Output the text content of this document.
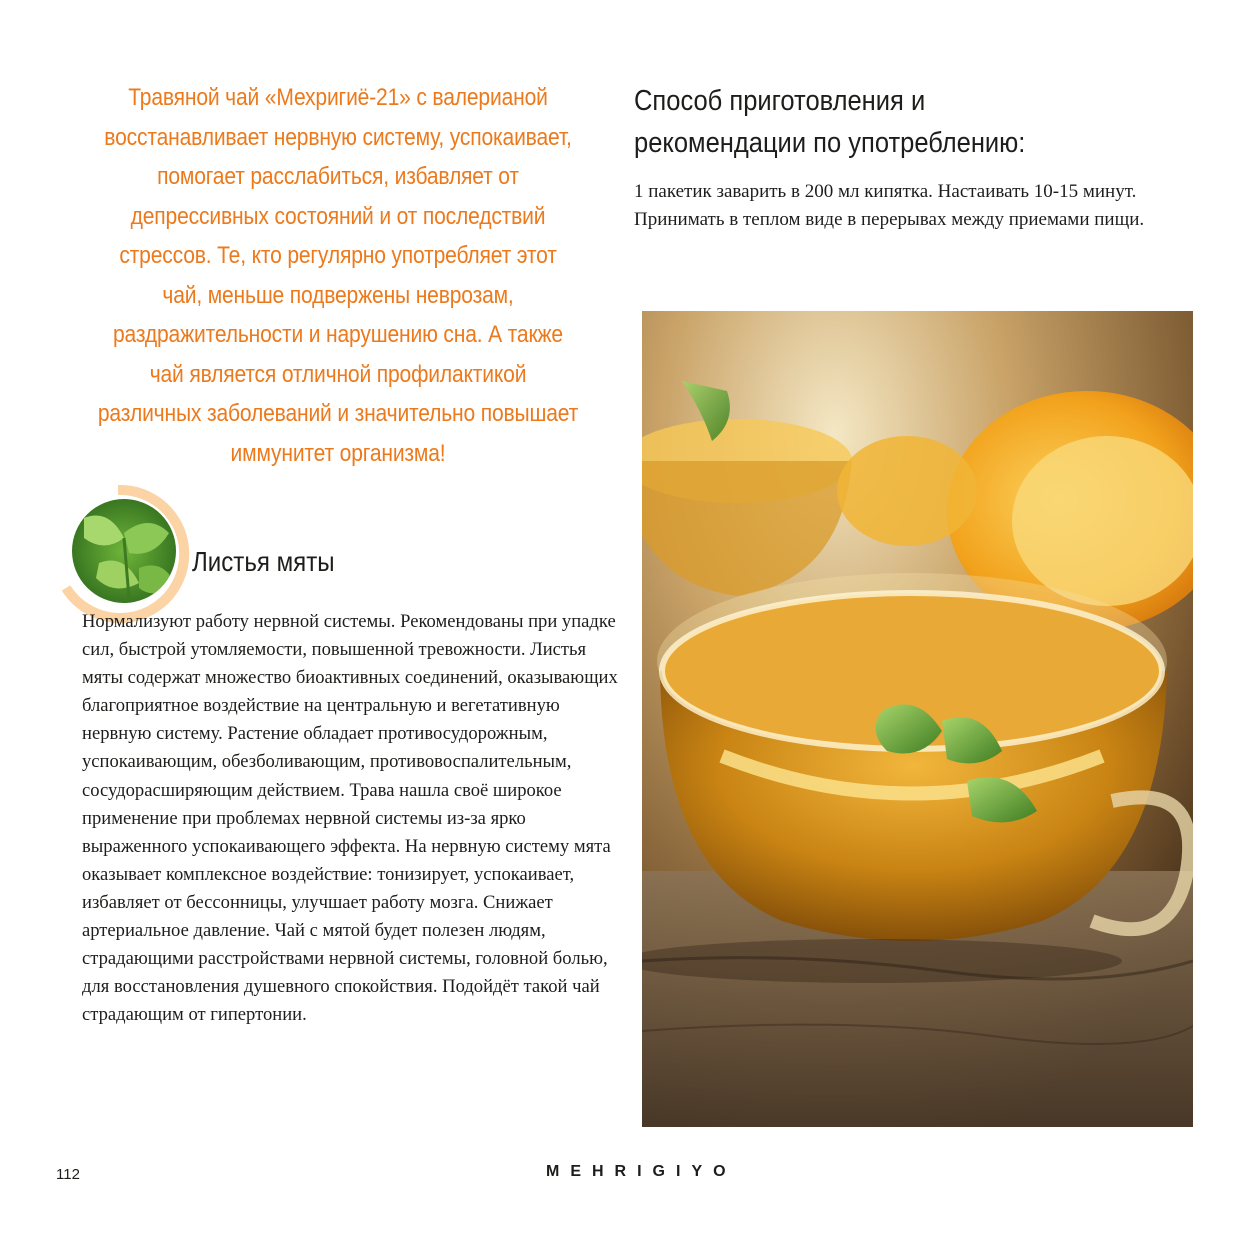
Травяной чай «Мехригиё-21» с валерианой восстанавливает нервную систему, успокаивает, помогает расслабиться, избавляет от депрессивных состояний и от последствий стрессов. Те, кто регулярно употребляет этот чай, меньше подвержены неврозам, раздражительности и нарушению сна. А также чай является отличной профилактикой различных заболеваний и значительно повышает иммунитет организма!
Способ приготовления и рекомендации по употреблению:
1 пакетик заварить в 200 мл кипятка. Настаивать 10-15 минут. Принимать в теплом виде в перерывах между приемами пищи.
Листья мяты
Нормализуют работу нервной системы. Рекомендованы при упадке сил, быстрой утомляемости, повышенной тревожности. Листья мяты содержат множество биоактивных соединений, оказывающих благоприятное воздействие на центральную и вегетативную нервную систему. Растение обладает противосудорожным, успокаивающим, обезболивающим, противовоспалительным, сосудорасширяющим действием. Трава нашла своё широкое применение при проблемах нервной системы из-за ярко выраженного успокаивающего эффекта. На нервную систему мята оказывает комплексное воздействие: тонизирует, успокаивает, избавляет от бессонницы, улучшает работу мозга. Снижает артериальное давление. Чай с мятой будет полезен людям, страдающими расстройствами нервной системы, головной болью, для восстановления душевного спокойствия. Подойдёт такой чай страдающим от гипертонии.
112	MEHRIGIYO
